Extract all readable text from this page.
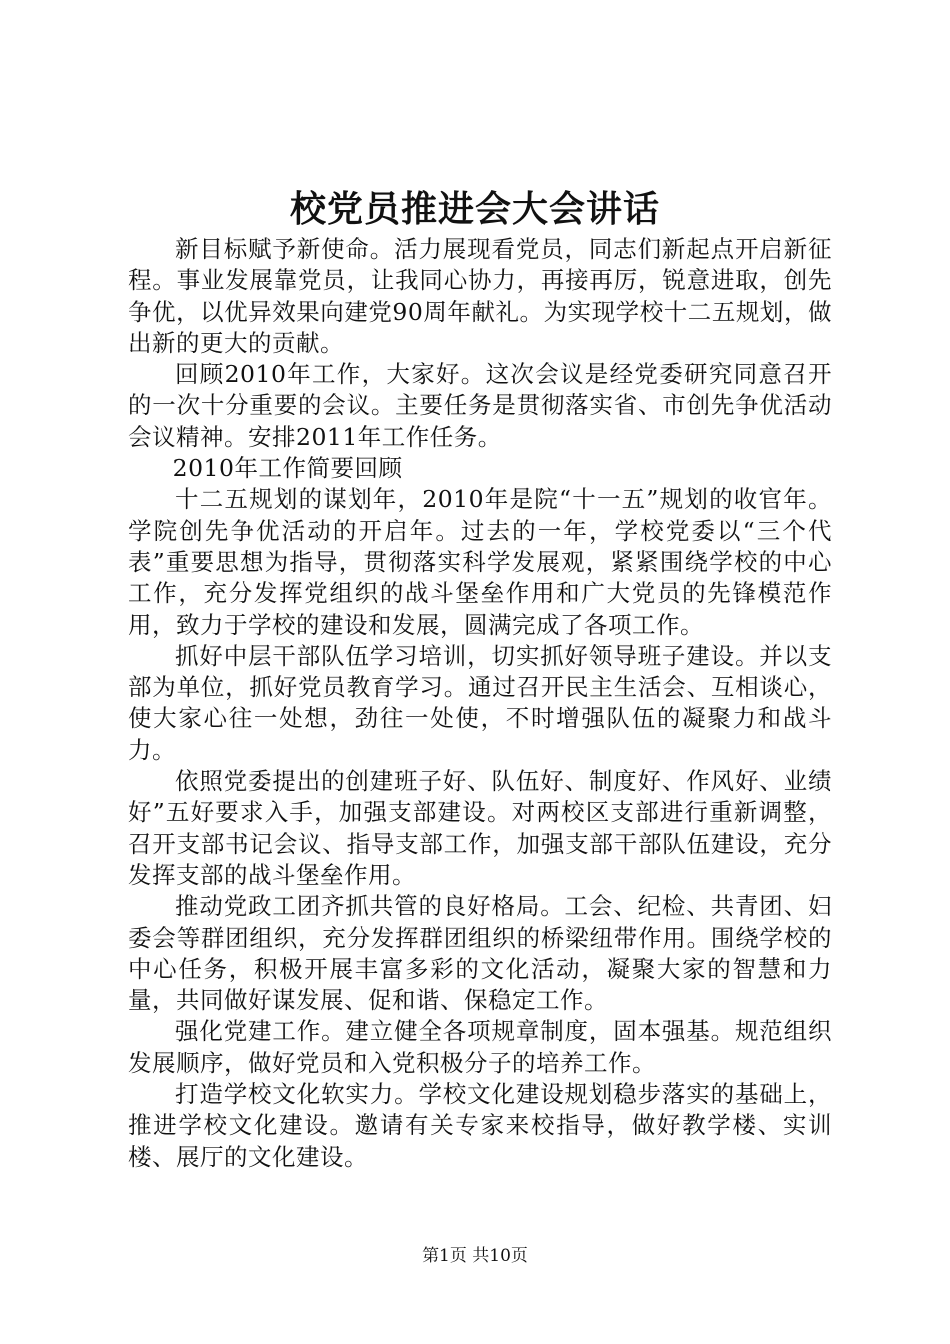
校党员推进会大会讲话

新目标赋予新使命。活力展现看党员，同志们新起点开启新征程。事业发展靠党员，让我同心协力，再接再厉，锐意进取，创先争优，以优异效果向建党90周年献礼。为实现学校十二五规划，做出新的更大的贡献。

回顾2010年工作，大家好。这次会议是经党委研究同意召开的一次十分重要的会议。主要任务是贯彻落实省、市创先争优活动会议精神。安排2011年工作任务。

2010年工作简要回顾

十二五规划的谋划年，2010年是院“十一五”规划的收官年。学院创先争优活动的开启年。过去的一年，学校党委以“三个代表”重要思想为指导，贯彻落实科学发展观，紧紧围绕学校的中心工作，充分发挥党组织的战斗堡垒作用和广大党员的先锋模范作用，致力于学校的建设和发展，圆满完成了各项工作。

抓好中层干部队伍学习培训，切实抓好领导班子建设。并以支部为单位，抓好党员教育学习。通过召开民主生活会、互相谈心，使大家心往一处想，劲往一处使，不时增强队伍的凝聚力和战斗力。

依照党委提出的创建班子好、队伍好、制度好、作风好、业绩好”五好要求入手，加强支部建设。对两校区支部进行重新调整，召开支部书记会议、指导支部工作，加强支部干部队伍建设，充分发挥支部的战斗堡垒作用。

推动党政工团齐抓共管的良好格局。工会、纪检、共青团、妇委会等群团组织，充分发挥群团组织的桥梁纽带作用。围绕学校的中心任务，积极开展丰富多彩的文化活动，凝聚大家的智慧和力量，共同做好谋发展、促和谐、保稳定工作。

强化党建工作。建立健全各项规章制度，固本强基。规范组织发展顺序，做好党员和入党积极分子的培养工作。

打造学校文化软实力。学校文化建设规划稳步落实的基础上，推进学校文化建设。邀请有关专家来校指导，做好教学楼、实训楼、展厅的文化建设。

第1页 共10页
